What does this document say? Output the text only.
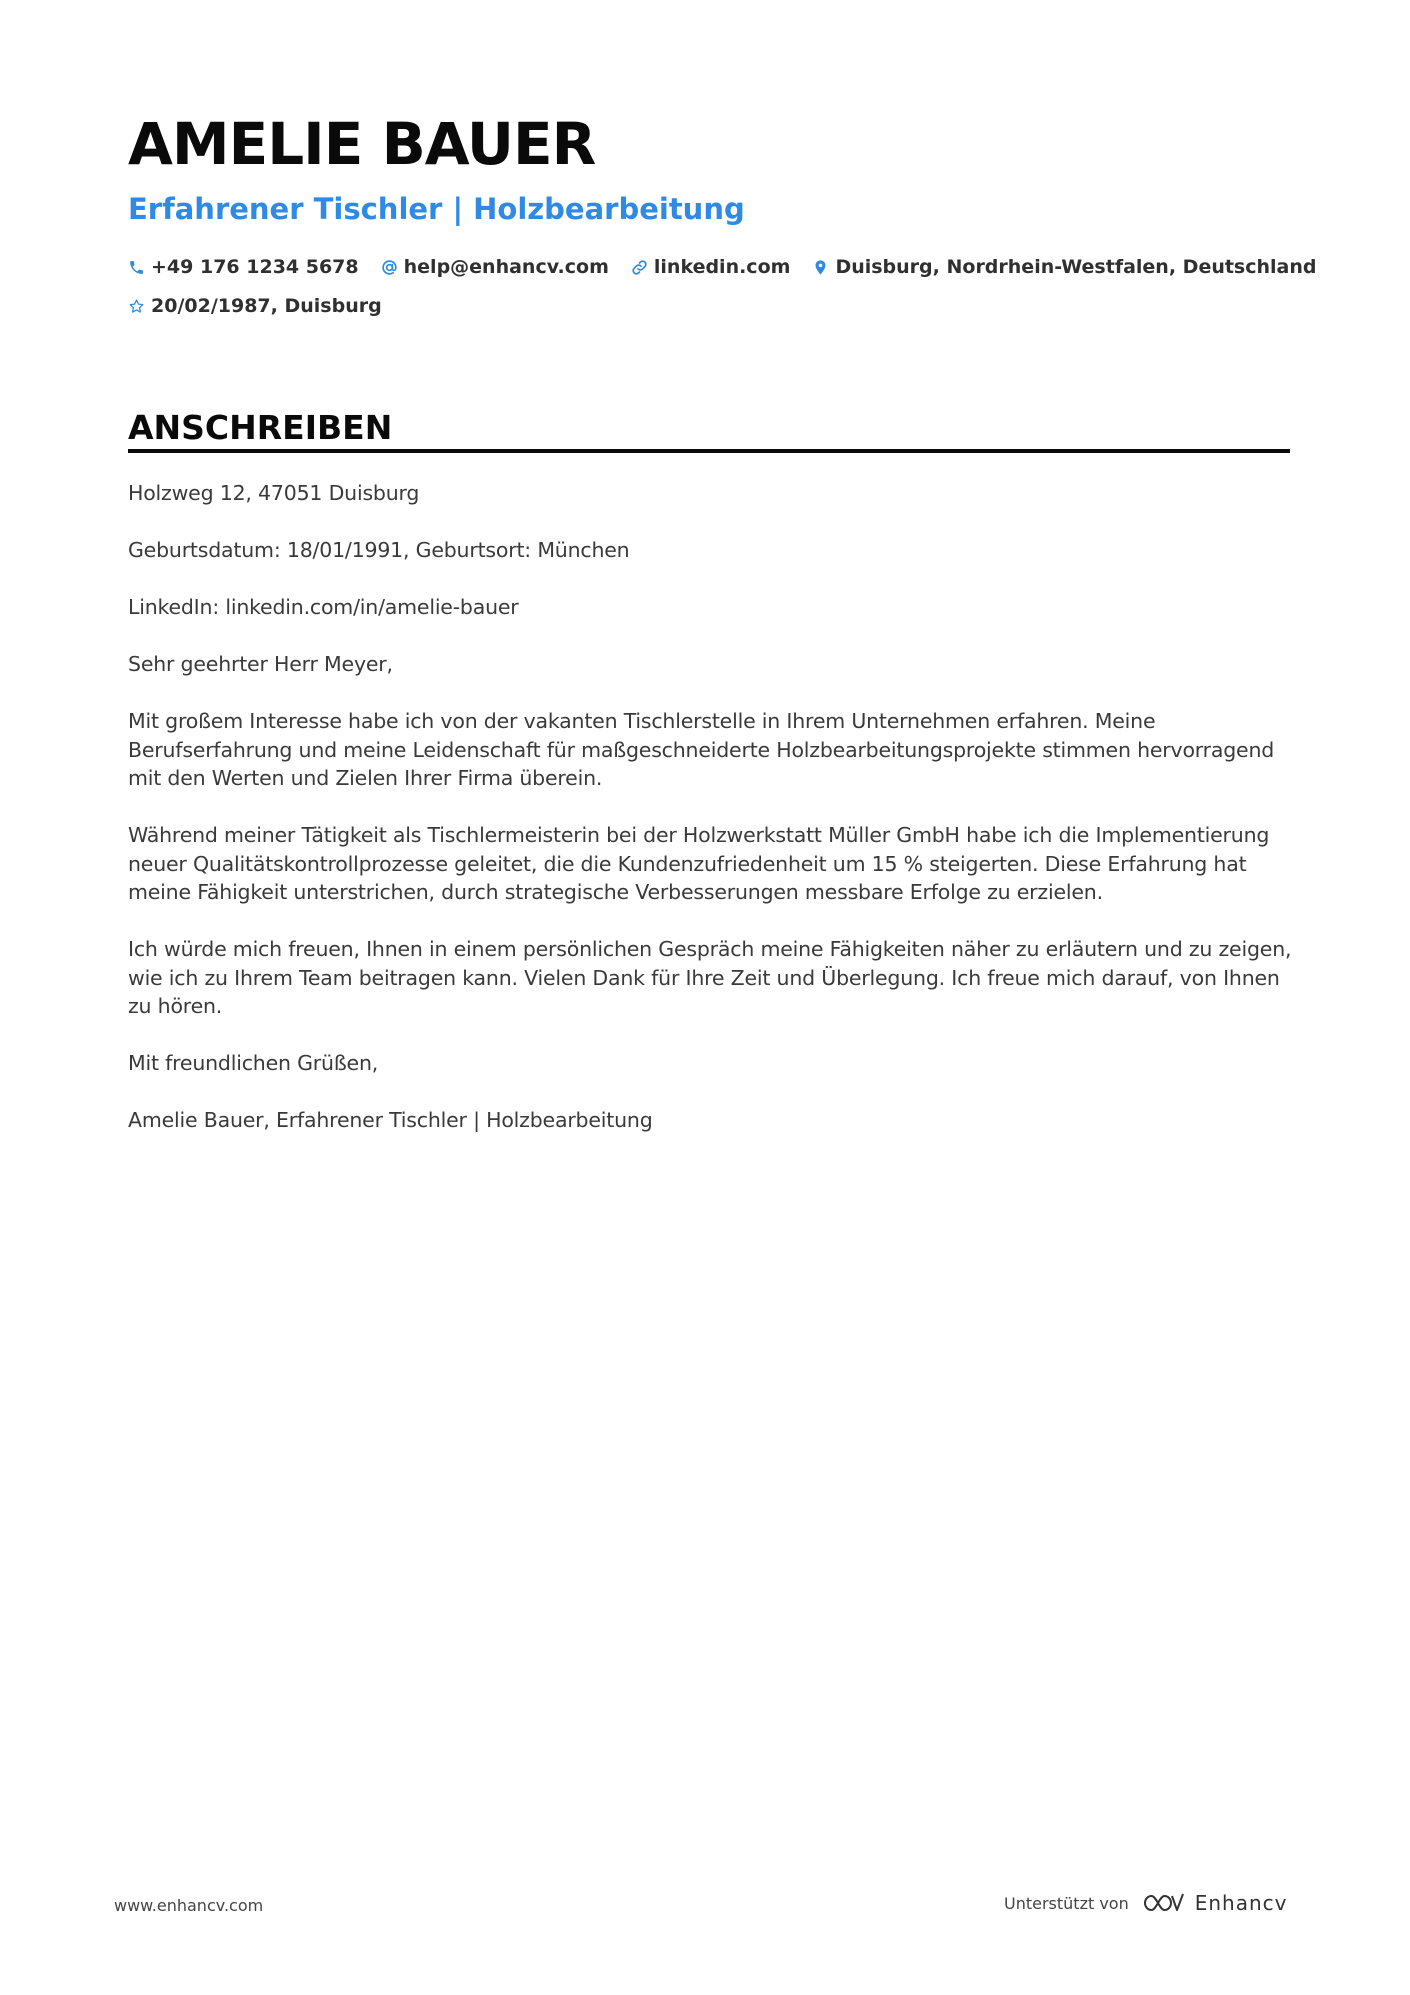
AMELIE BAUER
Erfahrener Tischler | Holzbearbeitung
+49 176 1234 5678 help@enhancv.com linkedin.com Duisburg, Nordrhein-Westfalen, Deutschland
20/02/1987, Duisburg
ANSCHREIBEN

Holzweg 12, 47051 Duisburg

Geburtsdatum: 18/01/1991, Geburtsort: München

LinkedIn: linkedin.com/in/amelie-bauer

Sehr geehrter Herr Meyer,

Mit großem Interesse habe ich von der vakanten Tischlerstelle in Ihrem Unternehmen erfahren. Meine Berufserfahrung und meine Leidenschaft für maßgeschneiderte Holzbearbeitungsprojekte stimmen hervorragend mit den Werten und Zielen Ihrer Firma überein.

Während meiner Tätigkeit als Tischlermeisterin bei der Holzwerkstatt Müller GmbH habe ich die Implementierung neuer Qualitätskontrollprozesse geleitet, die die Kundenzufriedenheit um 15 % steigerten. Diese Erfahrung hat meine Fähigkeit unterstrichen, durch strategische Verbesserungen messbare Erfolge zu erzielen.

Ich würde mich freuen, Ihnen in einem persönlichen Gespräch meine Fähigkeiten näher zu erläutern und zu zeigen, wie ich zu Ihrem Team beitragen kann. Vielen Dank für Ihre Zeit und Überlegung. Ich freue mich darauf, von Ihnen zu hören.

Mit freundlichen Grüßen,

Amelie Bauer, Erfahrener Tischler | Holzbearbeitung

www.enhancv.com	Unterstützt von	Enhancv
